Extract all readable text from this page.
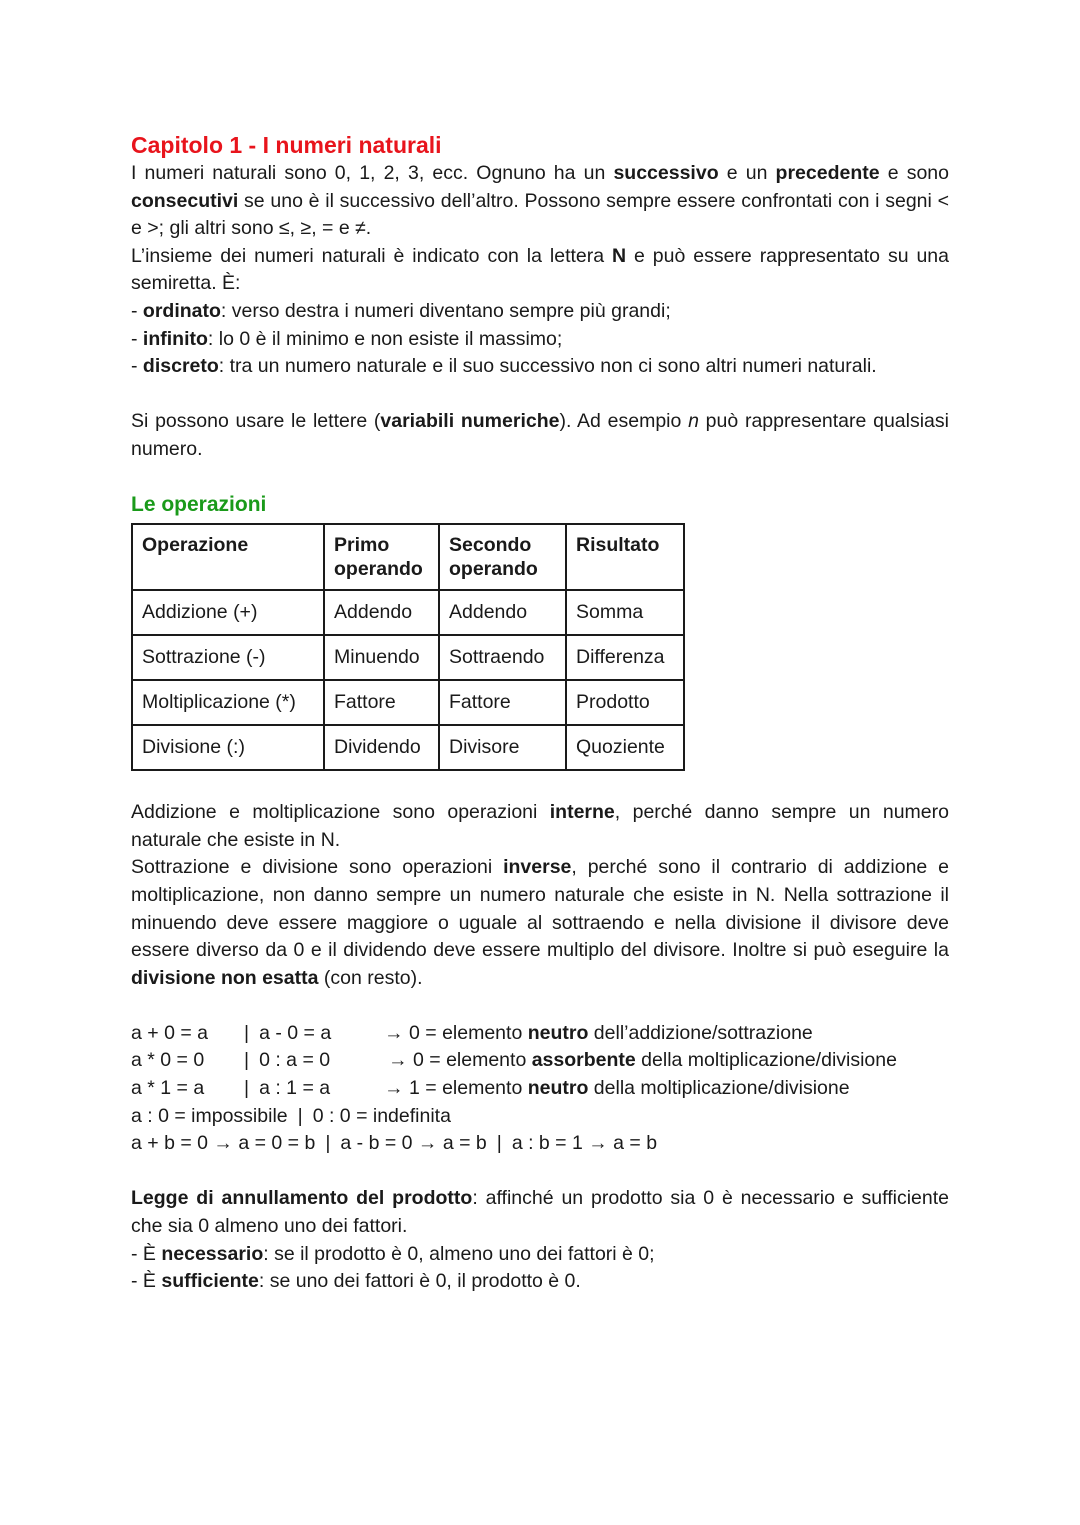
Capitolo 1 - I numeri naturali

I numeri naturali sono 0, 1, 2, 3, ecc. Ognuno ha un successivo e un precedente e sono consecutivi se uno è il successivo dell’altro. Possono sempre essere confrontati con i segni < e >; gli altri sono ≤, ≥, = e ≠.

L’insieme dei numeri naturali è indicato con la lettera N e può essere rappresentato su una semiretta. È:

- ordinato: verso destra i numeri diventano sempre più grandi;

- infinito: lo 0 è il minimo e non esiste il massimo;

- discreto: tra un numero naturale e il suo successivo non ci sono altri numeri naturali.

Si possono usare le lettere (variabili numeriche). Ad esempio n può rappresentare qualsiasi numero.

Le operazioni
Operazione	Primo operando	Secondo operando	Risultato
Addizione (+)	Addendo	Addendo	Somma
Sottrazione (-)	Minuendo	Sottraendo	Differenza
Moltiplicazione (*)	Fattore	Fattore	Prodotto
Divisione (:)	Dividendo	Divisore	Quoziente

Addizione e moltiplicazione sono operazioni interne, perché danno sempre un numero naturale che esiste in N.

Sottrazione e divisione sono operazioni inverse, perché sono il contrario di addizione e moltiplicazione, non danno sempre un numero naturale che esiste in N. Nella sottrazione il minuendo deve essere maggiore o uguale al sottraendo e nella divisione il divisore deve essere diverso da 0 e il dividendo deve essere multiplo del divisore. Inoltre si può eseguire la divisione non esatta (con resto).

a + 0 = a	| a - 0 = a	→ 0 = elemento neutro dell’addizione/sottrazione
a * 0 = 0	| 0 : a = 0	→ 0 = elemento assorbente della moltiplicazione/divisione
a * 1 = a	| a : 1 = a	→ 1 = elemento neutro della moltiplicazione/divisione
a : 0 = impossibile | 0 : 0 = indefinita
a + b = 0 → a = 0 = b | a - b = 0 → a = b | a : b = 1 → a = b

Legge di annullamento del prodotto: affinché un prodotto sia 0 è necessario e sufficiente che sia 0 almeno uno dei fattori.

- È necessario: se il prodotto è 0, almeno uno dei fattori è 0;

- È sufficiente: se uno dei fattori è 0, il prodotto è 0.
